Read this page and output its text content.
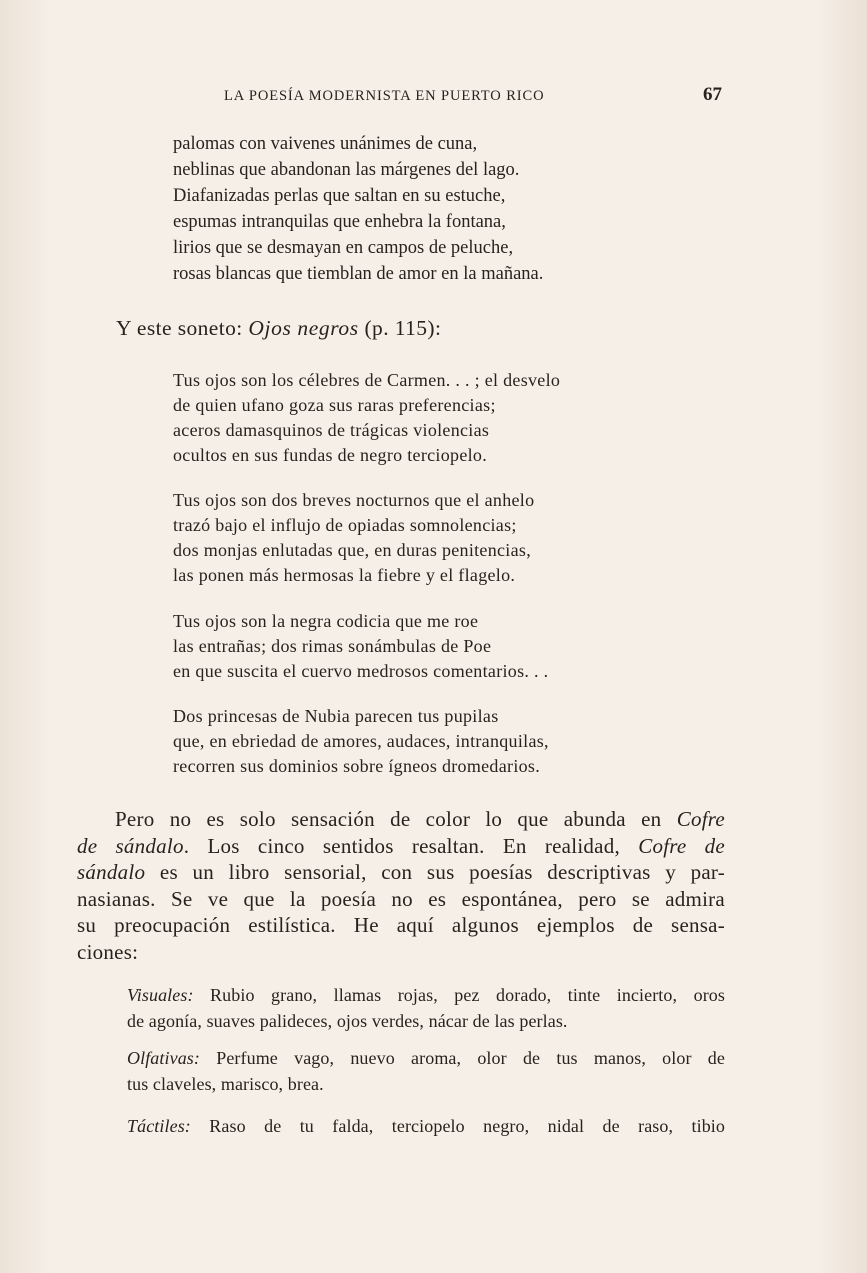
LA POESÍA MODERNISTA EN PUERTO RICO	67
palomas con vaivenes unánimes de cuna,
neblinas que abandonan las márgenes del lago.
Diafanizadas perlas que saltan en su estuche,
espumas intranquilas que enhebra la fontana,
lirios que se desmayan en campos de peluche,
rosas blancas que tiemblan de amor en la mañana.
Y este soneto: Ojos negros (p. 115):
Tus ojos son los célebres de Carmen. . . ; el desvelo
de quien ufano goza sus raras preferencias;
aceros damasquinos de trágicas violencias
ocultos en sus fundas de negro terciopelo.
Tus ojos son dos breves nocturnos que el anhelo
trazó bajo el influjo de opiadas somnolencias;
dos monjas enlutadas que, en duras penitencias,
las ponen más hermosas la fiebre y el flagelo.
Tus ojos son la negra codicia que me roe
las entrañas; dos rimas sonámbulas de Poe
en que suscita el cuervo medrosos comentarios. . .
Dos princesas de Nubia parecen tus pupilas
que, en ebriedad de amores, audaces, intranquilas,
recorren sus dominios sobre ígneos dromedarios.
Pero no es solo sensación de color lo que abunda en Cofre
de sándalo. Los cinco sentidos resaltan. En realidad, Cofre de
sándalo es un libro sensorial, con sus poesías descriptivas y par-
nasianas. Se ve que la poesía no es espontánea, pero se admira
su preocupación estilística. He aquí algunos ejemplos de sensa-
ciones:
Visuales: Rubio grano, llamas rojas, pez dorado, tinte incierto, oros
de agonía, suaves palideces, ojos verdes, nácar de las perlas.
Olfativas: Perfume vago, nuevo aroma, olor de tus manos, olor de
tus claveles, marisco, brea.
Táctiles: Raso de tu falda, terciopelo negro, nidal de raso, tibio
